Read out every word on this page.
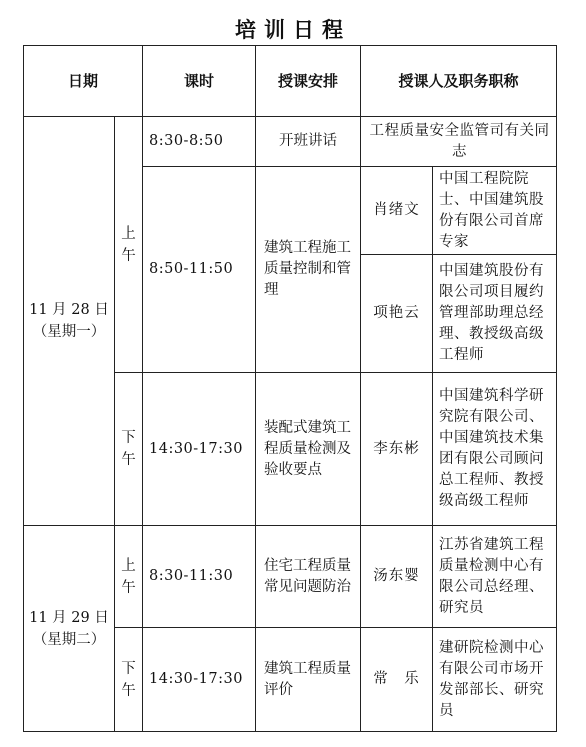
培训日程
日期		课时	授课安排	授课人及职务职称	

11 月 28 日
（星期一）	上午	8:30-8:50	开班讲话	工程质量安全监管司有关同志	
		8:50-11:50	建筑工程施工质量控制和管理	肖绪文	中国工程院院士、中国建筑股份有限公司首席专家
				项艳云	中国建筑股份有限公司项目履约管理部助理总经理、教授级高级工程师

	下午	14:30-17:30	装配式建筑工程质量检测及验收要点	李东彬	中国建筑科学研究院有限公司、中国建筑技术集团有限公司顾问总工程师、教授级高级工程师

11 月 29 日
（星期二）	上午	8:30-11:30	住宅工程质量常见问题防治	汤东婴	江苏省建筑工程质量检测中心有限公司总经理、研究员

	下午	14:30-17:30	建筑工程质量评价	常　乐	建研院检测中心有限公司市场开发部部长、研究员
